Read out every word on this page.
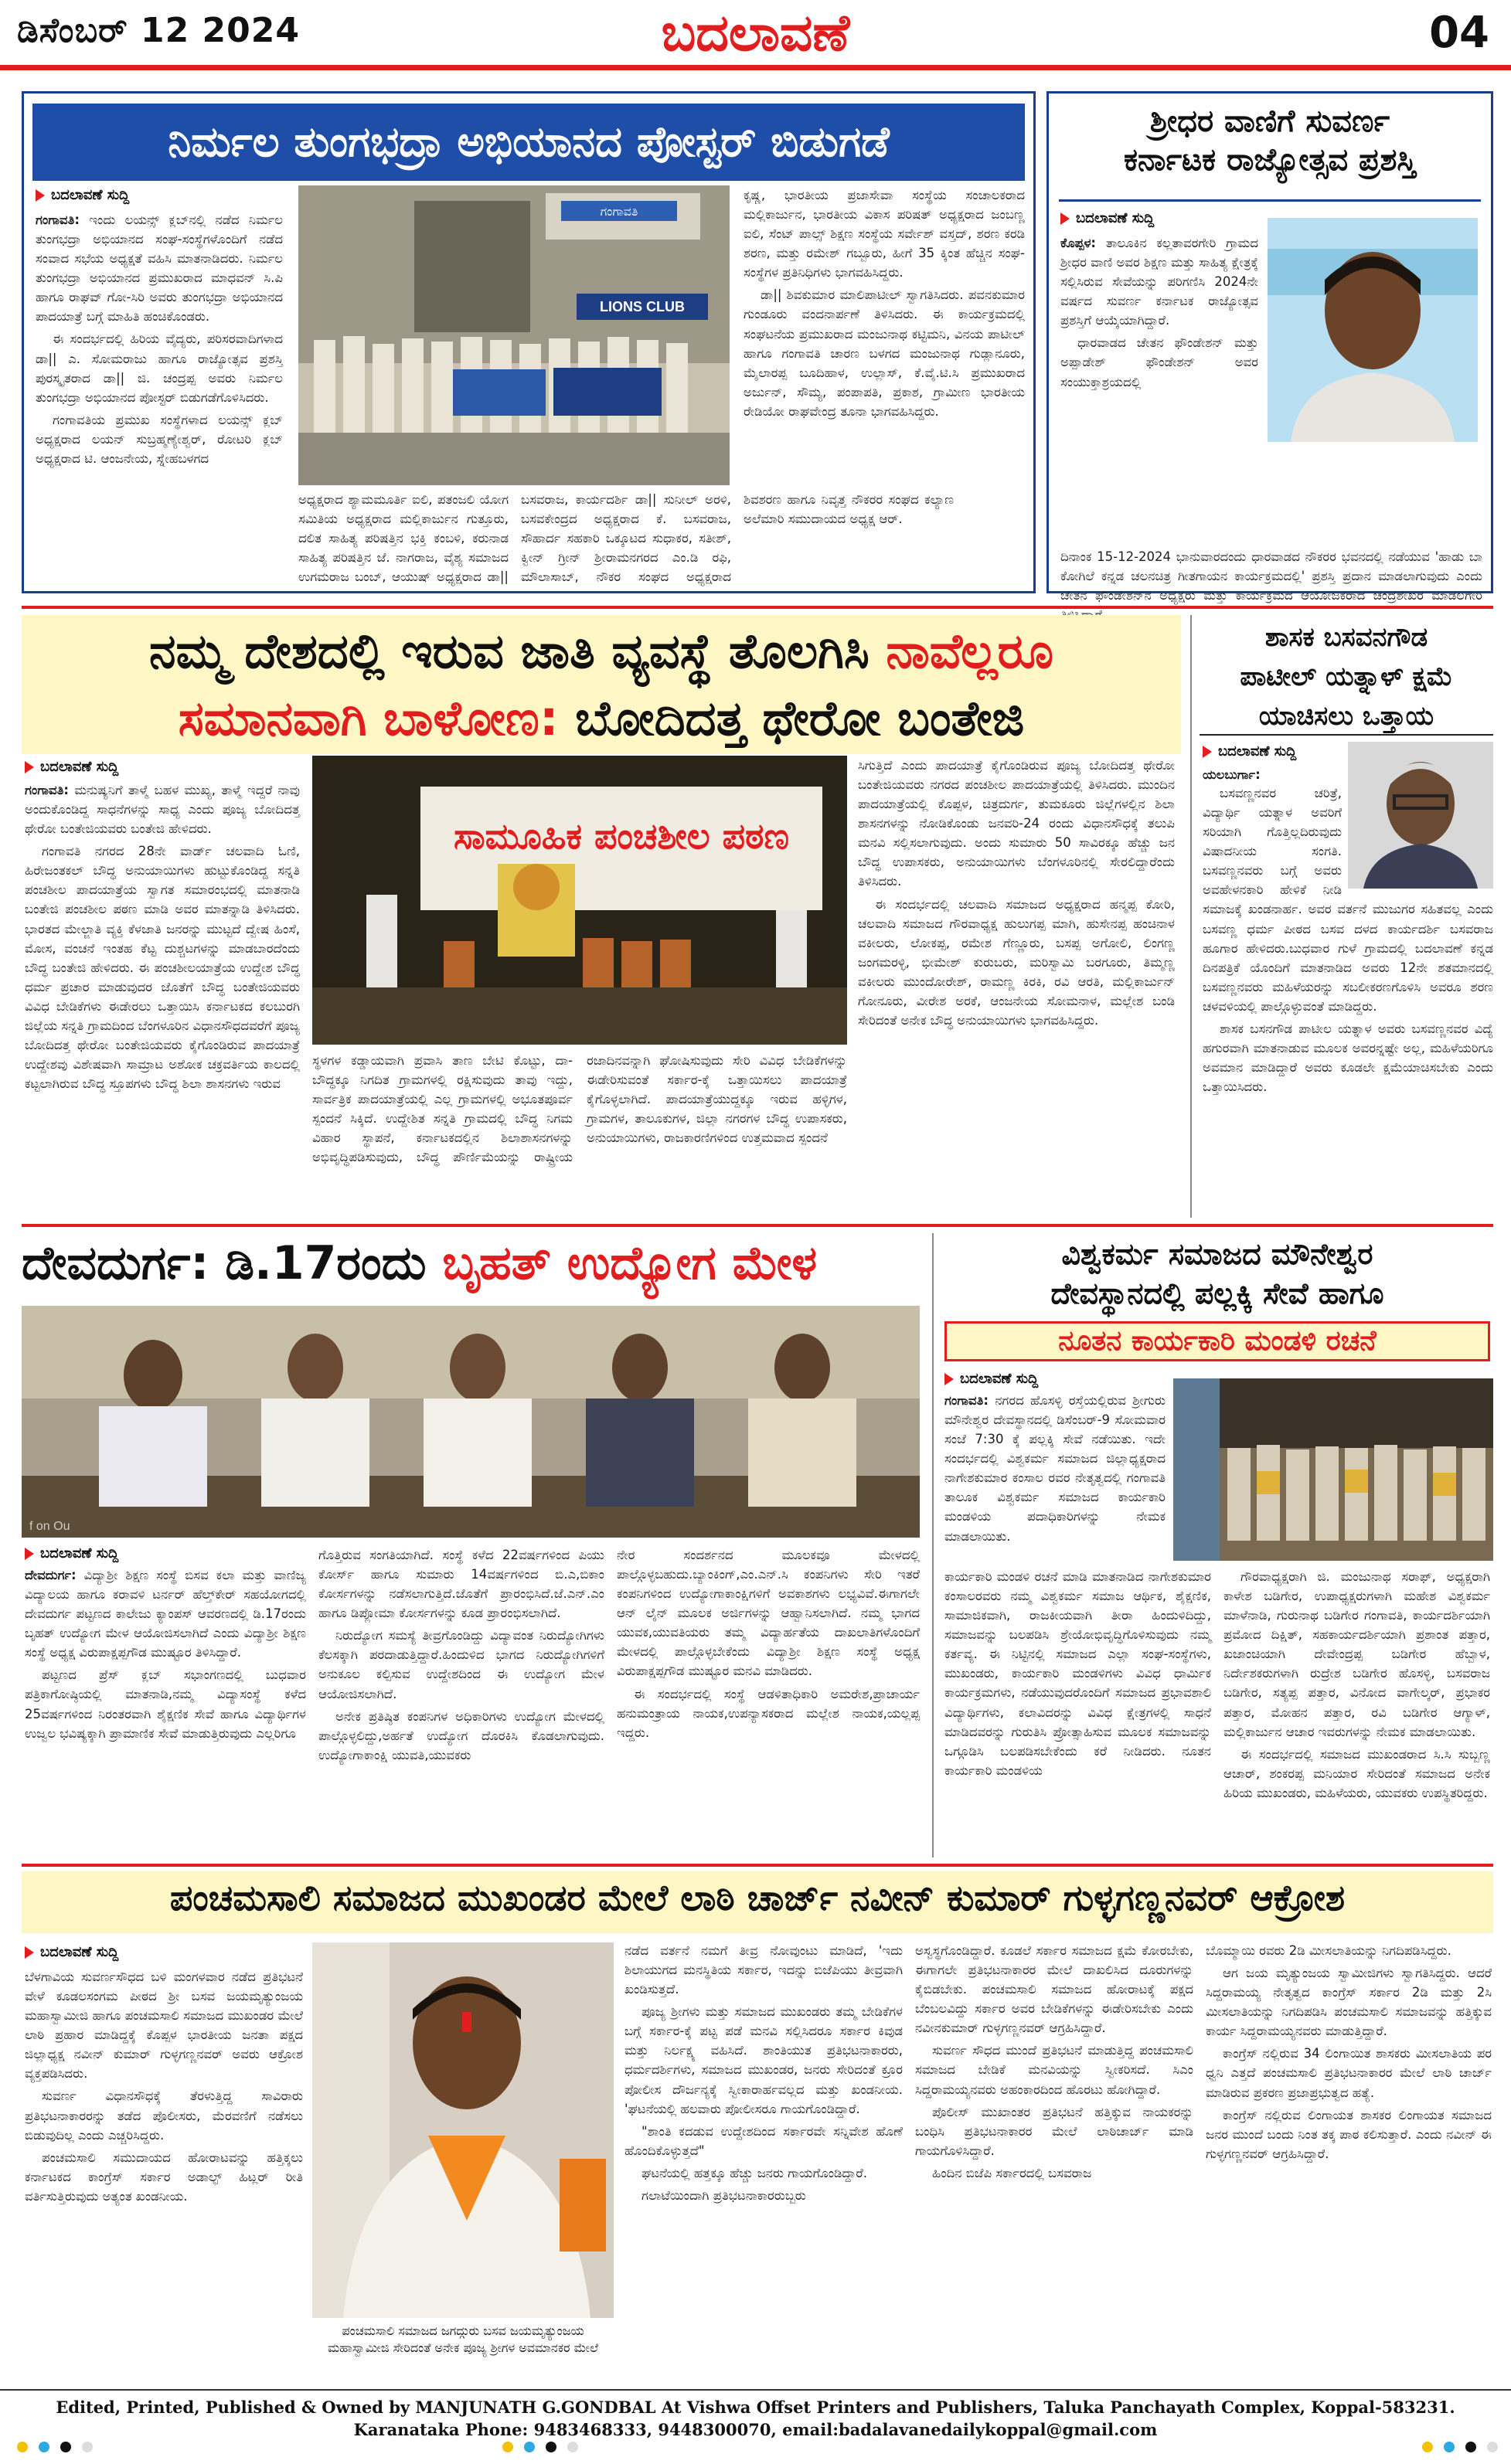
ಡಿಸೆಂಬರ್ 12 2024	ಬದಲಾವಣೆ	04
ನಿರ್ಮಲ ತುಂಗಭದ್ರಾ ಅಭಿಯಾನದ ಪೋಸ್ಟರ್ ಬಿಡುಗಡೆ
ಬದಲಾವಣೆ ಸುದ್ದಿ

ಗಂಗಾವತಿ: ಇಂದು ಲಯನ್ಸ್ ಕ್ಲಬ್‌ನಲ್ಲಿ ನಡೆದ ನಿರ್ಮಲ ತುಂಗಭದ್ರಾ ಅಭಿಯಾನದ ಸಂಘ-ಸಂಸ್ಥೆಗಳೊಂದಿಗೆ ನಡೆದ ಸಂವಾದ ಸಭೆಯ ಅಧ್ಯಕ್ಷತೆ ವಹಿಸಿ ಮಾತನಾಡಿದರು. ನಿರ್ಮಲ ತುಂಗಭದ್ರಾ ಅಭಿಯಾನದ ಪ್ರಮುಖರಾದ ಮಾಧವನ್ ಸಿ.ಪಿ ಹಾಗೂ ರಾಘವ್ ಗೋ-ಸಿರಿ ಅವರು ತುಂಗಭದ್ರಾ ಅಭಿಯಾನದ ಪಾದಯಾತ್ರೆ ಬಗ್ಗೆ ಮಾಹಿತಿ ಹಂಚಿಕೊಂಡರು.

ಈ ಸಂದರ್ಭದಲ್ಲಿ ಹಿರಿಯ ವೈದ್ಯರು, ಪರಿಸರವಾದಿಗಳಾದ ಡಾ|| ಎ. ಸೋಮರಾಜು ಹಾಗೂ ರಾಜ್ಯೋತ್ಸವ ಪ್ರಶಸ್ತಿ ಪುರಸ್ಕೃತರಾದ ಡಾ|| ಜಿ. ಚಂದ್ರಪ್ಪ ಅವರು ನಿರ್ಮಲ ತುಂಗಭದ್ರಾ ಅಭಿಯಾನದ ಪೋಸ್ಟರ್ ಬಿಡುಗಡೆಗೊಳಿಸಿದರು.

ಗಂಗಾವತಿಯ ಪ್ರಮುಖ ಸಂಸ್ಥೆಗಳಾದ ಲಯನ್ಸ್ ಕ್ಲಬ್ ಅಧ್ಯಕ್ಷರಾದ ಲಯನ್ ಸುಬ್ರಹ್ಮಣ್ಯೇಶ್ವರ್, ರೋಟರಿ ಕ್ಲಬ್ ಅಧ್ಯಕ್ಷರಾದ ಟಿ. ಆಂಜನೇಯ, ಸ್ನೇಹಬಳಗದ

LIONS CLUB
ಗಂಗಾವತಿ

ಅಧ್ಯಕ್ಷರಾದ ಶ್ಯಾಮಮೂರ್ತಿ ಐಲಿ, ಪತಂಜಲಿ ಯೋಗ ಸಮಿತಿಯ ಅಧ್ಯಕ್ಷರಾದ ಮಲ್ಲಿಕಾರ್ಜುನ ಗುತ್ತೂರು, ದಲಿತ ಸಾಹಿತ್ಯ ಪರಿಷತ್ತಿನ ಭಕ್ತಿ ಕಂಬಳಿ, ಕರುನಾಡ ಸಾಹಿತ್ಯ ಪರಿಷತ್ತಿನ ಜೆ. ನಾಗರಾಜ, ವೈಶ್ಯ ಸಮಾಜದ ಉಗಮರಾಜ ಬಂಬ್, ಆಯುಷ್ ಅಧ್ಯಕ್ಷರಾದ ಡಾ|| ಬಸವರಾಜ, ಕಾರ್ಯದರ್ಶಿ ಡಾ|| ಸುನೀಲ್ ಅರಳಿ, ಬಸವಕೇಂದ್ರದ ಅಧ್ಯಕ್ಷರಾದ ಕೆ. ಬಸವರಾಜ, ಸೌಹಾರ್ದ ಸಹಕಾರಿ ಒಕ್ಕೂಟದ ಸುಧಾಕರ, ಸತೀಶ್, ಕ್ವೀನ್ ಗ್ರೀನ್ ಶ್ರೀರಾಮನಗರದ ಎಂ.ಡಿ ರಫಿ, ಮೌಲಾಸಾಬ್, ನೌಕರ ಸಂಘದ ಅಧ್ಯಕ್ಷರಾದ ಶಿವಶರಣ ಹಾಗೂ ನಿವೃತ್ತ ನೌಕರರ ಸಂಘದ ಕಲ್ಯಾಣ ಅಲೆಮಾರಿ ಸಮುದಾಯದ ಅಧ್ಯಕ್ಷ ಆರ್.

ಕೃಷ್ಣ, ಭಾರತೀಯ ಪ್ರಜಾಸೇವಾ ಸಂಸ್ಥೆಯ ಸಂಚಾಲಕರಾದ ಮಲ್ಲಿಕಾರ್ಜುನ, ಭಾರತೀಯ ವಿಕಾಸ ಪರಿಷತ್ ಅಧ್ಯಕ್ಷರಾದ ಜಂಬಣ್ಣ ಐಲಿ, ಸೆಂಟ್ ಪಾಲ್ಸ್ ಶಿಕ್ಷಣ ಸಂಸ್ಥೆಯ ಸರ್ವೇಶ್ ವಸ್ತದ್, ಶರಣ ಕರಡಿ ಶರಣ, ಮತ್ತು ರಮೇಶ್ ಗಬ್ಬೂರು, ಹೀಗೆ 35 ಕ್ಕಿಂತ ಹೆಚ್ಚಿನ ಸಂಘ-ಸಂಸ್ಥೆಗಳ ಪ್ರತಿನಿಧಿಗಳು ಭಾಗವಹಿಸಿದ್ದರು.

ಡಾ|| ಶಿವಕುಮಾರ ಮಾಲಿಪಾಟೀಲ್ ಸ್ವಾಗತಿಸಿದರು. ಪವನಕುಮಾರ ಗುಂಡೂರು ವಂದನಾರ್ಪಣೆ ತಿಳಿಸಿದರು. ಈ ಕಾರ್ಯಕ್ರಮದಲ್ಲಿ ಸಂಘಟನೆಯ ಪ್ರಮುಖರಾದ ಮಂಜುನಾಥ ಕಟ್ಟಿಮನಿ, ವಿನಯ ಪಾಟೀಲ್ ಹಾಗೂ ಗಂಗಾವತಿ ಚಾರಣ ಬಳಗದ ಮಂಜುನಾಥ ಗುಡ್ಲಾನೂರು, ಮೈಲಾರಪ್ಪ ಬೂದಿಹಾಳ, ಉಲ್ಲಾಸ್, ಕೆ.ವೈ.ಟಿ.ಸಿ ಪ್ರಮುಖರಾದ ಅರ್ಜುನ್, ಸೌಮ್ಯ, ಪಂಪಾಪತಿ, ಪ್ರಕಾಶ, ಗ್ರಾಮೀಣ ಭಾರತೀಯ ರೇಡಿಯೋ ರಾಘವೇಂದ್ರ ತೂನಾ ಭಾಗವಹಿಸಿದ್ದರು.

ಶ್ರೀಧರ ವಾಣಿಗೆ ಸುವರ್ಣ
ಕರ್ನಾಟಕ ರಾಜ್ಯೋತ್ಸವ ಪ್ರಶಸ್ತಿ
ಬದಲಾವಣೆ ಸುದ್ದಿ

ಕೊಪ್ಪಳ: ತಾಲೂಕಿನ ಕಲ್ಲತಾವರಗೇರಿ ಗ್ರಾಮದ ಶ್ರೀಧರ ವಾಣಿ ಅವರ ಶಿಕ್ಷಣ ಮತ್ತು ಸಾಹಿತ್ಯ ಕ್ಷೇತ್ರಕ್ಕೆ ಸಲ್ಲಿಸಿರುವ ಸೇವೆಯನ್ನು ಪರಿಗಣಿಸಿ 2024ನೇ ವರ್ಷದ ಸುವರ್ಣ ಕರ್ನಾಟಕ ರಾಜ್ಯೋತ್ಸವ ಪ್ರಶಸ್ತಿಗೆ ಆಯ್ಕೆಯಾಗಿದ್ದಾರೆ.

ಧಾರವಾಡದ ಚೇತನ ಫೌಂಡೇಶನ್ ಮತ್ತು ಅಪ್ಪಾಡೇಶ್ ಫೌಂಡೇಶನ್ ಅವರ ಸಂಯುಕ್ತಾಶ್ರಯದಲ್ಲಿ

ದಿನಾಂಕ 15-12-2024 ಭಾನುವಾರದಂದು ಧಾರವಾಡದ ನೌಕರರ ಭವನದಲ್ಲಿ ನಡೆಯುವ 'ಹಾಡು ಬಾ ಕೋಗಿಲೆ ಕನ್ನಡ ಚಲನಚಿತ್ರ ಗೀತಗಾಯನ ಕಾರ್ಯಕ್ರಮದಲ್ಲಿ' ಪ್ರಶಸ್ತಿ ಪ್ರದಾನ ಮಾಡಲಾಗುವುದು ಎಂದು ಚೇತನ ಫೌಂಡೇಶನ್‌ನ ಅಧ್ಯಕ್ಷರು ಮತ್ತು ಕಾರ್ಯಕ್ರಮದ ಆಯೋಜಕರಾದ ಚಂದ್ರಶೇಖರ ಮಾಡಲಗೇರಿ

ನಮ್ಮ ದೇಶದಲ್ಲಿ ಇರುವ ಜಾತಿ ವ್ಯವಸ್ಥೆ ತೊಲಗಿಸಿ ನಾವೆಲ್ಲರೂ
ಸಮಾನವಾಗಿ ಬಾಳೋಣ: ಬೋದಿದತ್ತ ಥೇರೋ ಬಂತೇಜಿ
ಬದಲಾವಣೆ ಸುದ್ದಿ

ಗಂಗಾವತಿ: ಮನುಷ್ಯನಿಗೆ ತಾಳ್ಮೆ ಬಹಳ ಮುಖ್ಯ, ತಾಳ್ಮೆ ಇದ್ದರೆ ನಾವು ಅಂದುಕೊಂಡಿದ್ದ ಸಾಧನೆಗಳನ್ನು ಸಾಧ್ಯ ಎಂದು ಪೂಜ್ಯ ಬೋದಿದತ್ತ ಥೇರೋ ಬಂತೇಜಿಯವರು ಬಂತೇಜಿ ಹೇಳಿದರು.

ಗಂಗಾವತಿ ನಗರದ 28ನೇ ವಾರ್ಡ್ ಚಲವಾದಿ ಓಣಿ, ಹಿರೇಜಂತಕಲ್ ಬೌದ್ಧ ಅನುಯಾಯಿಗಳು ಹುಟ್ಟುಕೊಂಡಿದ್ದ ಸನ್ನತಿ ಪಂಚಶೀಲ ಪಾದಯಾತ್ರೆಯ ಸ್ವಾಗತ ಸಮಾರಂಭದಲ್ಲಿ ಮಾತನಾಡಿ ಬಂತೇಜಿ ಪಂಚಶೀಲ ಪಠಣ ಮಾಡಿ ಅವರ ಮಾತನ್ನಾಡಿ ತಿಳಿಸಿದರು. ಭಾರತದ ಮೇಲ್ಜಾತಿ ವ್ಯಕ್ತಿ ಕೆಳಜಾತಿ ಜನರನ್ನು ಮುಟ್ಟದೆ ದ್ವೇಷ ಹಿಂಸೆ, ಮೋಸ, ವಂಚನೆ ಇಂತಹ ಕೆಟ್ಟ ದುಶ್ಚಟಗಳನ್ನು ಮಾಡಬಾರದೆಂದು ಬೌದ್ಧ ಬಂತೇಜಿ ಹೇಳಿದರು. ಈ ಪಂಚಶೀಲಯಾತ್ರೆಯ ಉದ್ದೇಶ ಬೌದ್ಧ ಧರ್ಮ ಪ್ರಚಾರ ಮಾಡುವುದರ ಜೊತೆಗೆ ಬೌದ್ಧ ಬಂತೇಜಿಯವರು ವಿವಿಧ ಬೇಡಿಕೆಗಳು ಈಡೇರಲು ಒತ್ತಾಯಿಸಿ ಕರ್ನಾಟಕದ ಕಲಬುರಗಿ ಜಿಲ್ಲೆಯ ಸನ್ನತಿ ಗ್ರಾಮದಿಂದ ಬೆಂಗಳೂರಿನ ವಿಧಾನಸೌಧದವರೆಗೆ ಪೂಜ್ಯ ಬೋದಿದತ್ತ ಥೇರೋ ಬಂತೇಜಿಯವರು ಕೈಗೊಂಡಿರುವ ಪಾದಯಾತ್ರೆ ಉದ್ದೇಶವು ವಿಶೇಷವಾಗಿ ಸಾಮ್ರಾಟ ಅಶೋಕ ಚಕ್ರವರ್ತಿಯ ಕಾಲದಲ್ಲಿ ಕಟ್ಟಲಾಗಿರುವ ಬೌದ್ಧ ಸ್ತೂಪಗಳು ಬೌದ್ಧ ಶಿಲಾ ಶಾಸನಗಳು ಇರುವ

ಸಾಮೂಹಿಕ ಪಂಚಶೀಲ ಪಠಣ

ಸ್ಥಳಗಳ ಕಡ್ಡಾಯವಾಗಿ ಪ್ರವಾಸಿ ತಾಣ ಬೇಟಿ ಕೊಟ್ಟು, ದಾ-ಬೌದ್ಧಕ್ಕೂ ನಿಗದಿತ ಗ್ರಾಮಗಳಲ್ಲಿ ರಕ್ಷಿಸುವುದು ತಾವು ಇದ್ದು, ಸಾರ್ವತ್ರಿಕ ಪಾದಯಾತ್ರೆಯಲ್ಲಿ ಎಲ್ಲ ಗ್ರಾಮಗಳಲ್ಲಿ ಅಭೂತಪೂರ್ವ ಸ್ಪಂದನೆ ಸಿಕ್ಕಿದೆ. ಉದ್ದೇಶಿತ ಸನ್ನತಿ ಗ್ರಾಮದಲ್ಲಿ ಬೌದ್ಧ ನಿಗಮ ವಿಹಾರ ಸ್ಥಾಪನೆ, ಕರ್ನಾಟಕದಲ್ಲಿನ ಶಿಲಾಶಾಸನಗಳನ್ನು ಅಭಿವೃದ್ಧಿಪಡಿಸುವುದು, ಬೌದ್ಧ ಪೌರ್ಣಿಮೆಯನ್ನು ರಾಷ್ಟ್ರೀಯ ರಜಾದಿನವನ್ನಾಗಿ ಘೋಷಿಸುವುದು ಸೇರಿ ವಿವಿಧ ಬೇಡಿಕೆಗಳನ್ನು ಈಡೇರಿಸುವಂತೆ ಸರ್ಕಾರ-ಕ್ಕೆ ಒತ್ತಾಯಿಸಲು ಪಾದಯಾತ್ರೆ ಕೈಗೊಳ್ಳಲಾಗಿದೆ. ಪಾದಯಾತ್ರೆಯುದ್ದಕ್ಕೂ ಇರುವ ಹಳ್ಳಿಗಳ, ಗ್ರಾಮಗಳ, ತಾಲೂಕುಗಳ, ಜಿಲ್ಲಾ ನಗರಗಳ ಬೌದ್ಧ ಉಪಾಸಕರು, ಅನುಯಾಯಿಗಳು, ರಾಜಕಾರಣಿಗಳಿಂದ ಉತ್ತಮವಾದ ಸ್ಪಂದನೆ

ಸಿಗುತ್ತಿದೆ ಎಂದು ಪಾದಯಾತ್ರೆ ಕೈಗೊಂಡಿರುವ ಪೂಜ್ಯ ಬೋದಿದತ್ತ ಥೇರೋ ಬಂತೇಜಿಯವರು ನಗರದ ಪಂಚಶೀಲ ಪಾದಯಾತ್ರೆಯಲ್ಲಿ ತಿಳಿಸಿದರು. ಮುಂದಿನ ಪಾದಯಾತ್ರೆಯಲ್ಲಿ ಕೊಪ್ಪಳ, ಚಿತ್ರದುರ್ಗ, ತುಮಕೂರು ಜಿಲ್ಲೆಗಳಲ್ಲಿನ ಶಿಲಾ ಶಾಸನಗಳನ್ನು ನೋಡಿಕೊಂಡು ಜನವರಿ-24 ರಂದು ವಿಧಾನಸೌಧಕ್ಕೆ ತಲುಪಿ ಮನವಿ ಸಲ್ಲಿಸಲಾಗುವುದು. ಅಂದು ಸುಮಾರು 50 ಸಾವಿರಕ್ಕೂ ಹೆಚ್ಚು ಜನ ಬೌದ್ಧ ಉಪಾಸಕರು, ಅನುಯಾಯಿಗಳು ಬೆಂಗಳೂರಿನಲ್ಲಿ ಸೇರಲಿದ್ದಾರೆಂದು ತಿಳಿಸಿದರು.

ಈ ಸಂದರ್ಭದಲ್ಲಿ ಚಲವಾದಿ ಸಮಾಜದ ಅಧ್ಯಕ್ಷರಾದ ಹನ್ಮಪ್ಪ ಕೋರಿ, ಚಲವಾದಿ ಸಮಾಜದ ಗೌರವಾಧ್ಯಕ್ಷ ಹುಲುಗಪ್ಪ ಮಾಗಿ, ಹುಸೇನಪ್ಪ ಹಂಚಿನಾಳ ವಕೀಲರು, ಲೋಕಪ್ಪ, ರಮೇಶ ಗೆಣ್ಣೂರು, ಬಸಪ್ಪ ಅಗೋಲಿ, ಲಿಂಗಣ್ಣ ಜಂಗಮರಳ್ಳಿ, ಭೀಮೇಶ್ ಕುರುಬರು, ಮರಿಸ್ವಾಮಿ ಬರಗೂರು, ತಿಮ್ಮಣ್ಣ ವಕೀಲರು ಮುಂದೋರೇಶ್, ರಾಮಣ್ಣ ಕಿರಕಿ, ರವಿ ಆರತಿ, ಮಲ್ಲಿಕಾರ್ಜುನ್ ಗೋನೂರು, ವೀರೇಶ ಅರಕೆ, ಆಂಜನೇಯ ಸೋಮನಾಳ, ಮಲ್ಲೇಶ ಬಂಡಿ ಸೇರಿದಂತೆ ಅನೇಕ ಬೌದ್ಧ ಅನುಯಾಯಿಗಳು ಭಾಗವಹಿಸಿದ್ದರು.

ಶಾಸಕ ಬಸವನಗೌಡ
ಪಾಟೀಲ್ ಯತ್ನಾಳ್ ಕ್ಷಮೆ
ಯಾಚಿಸಲು ಒತ್ತಾಯ
ಬದಲಾವಣೆ ಸುದ್ದಿ

ಯಲಬುರ್ಗಾ:

ಬಸವಣ್ಣನವರ ಚರಿತ್ರೆ, ವಿದ್ಯಾರ್ಥಿ ಯತ್ನಾಳ ಅವರಿಗೆ ಸರಿಯಾಗಿ ಗೊತ್ತಿಲ್ಲದಿರುವುದು ವಿಷಾದನೀಯ ಸಂಗತಿ. ಬಸವಣ್ಣನವರು ಬಗ್ಗೆ ಅವರು ಅವಹೇಳನಕಾರಿ ಹೇಳಿಕೆ ನೀಡಿ ಸಮಾಜಕ್ಕೆ ಖಂಡನಾರ್ಹ. ಅವರ ವರ್ತನೆ ಮುಜುಗರ ಸಹಿತವಲ್ಲ ಎಂದು ಬಸವಣ್ಣ ಧರ್ಮ ಪೀಠದ ಬಸವ ದಳದ ಕಾರ್ಯದರ್ಶಿ ಬಸವರಾಜ ಹೂಗಾರ ಹೇಳಿದರು.ಬುಧವಾರ ಗುಳೆ ಗ್ರಾಮದಲ್ಲಿ ಬದಲಾವಣೆ ಕನ್ನಡ ದಿನಪತ್ರಿಕೆ ಯೊಂದಿಗೆ ಮಾತನಾಡಿದ ಅವರು 12ನೇ ಶತಮಾನದಲ್ಲಿ ಬಸವಣ್ಣನವರು ಮಹಿಳೆಯರನ್ನು ಸಬಲೀಕರಣಗೊಳಿಸಿ ಅವರೂ ಶರಣ ಚಳವಳಿಯಲ್ಲಿ ಪಾಲ್ಗೊಳ್ಳುವಂತೆ ಮಾಡಿದ್ದರು.

ಶಾಸಕ ಬಸನಗೌಡ ಪಾಟೀಲ ಯತ್ನಾಳ ಅವರು ಬಸವಣ್ಣನವರ ವಿದ್ಯೆ ಹಗುರವಾಗಿ ಮಾತನಾಡುವ ಮೂಲಕ ಅವರನ್ನಷ್ಟೇ ಅಲ್ಲ, ಮಹಿಳೆಯರಿಗೂ ಅವಮಾನ ಮಾಡಿದ್ದಾರೆ ಅವರು ಕೂಡಲೇ ಕ್ಷಮೆಯಾಚಿಸಬೇಕು ಎಂದು ಒತ್ತಾಯಿಸಿದರು.

ದೇವದುರ್ಗ: ಡಿ.17ರಂದು ಬೃಹತ್ ಉದ್ಯೋಗ ಮೇಳ
f on Ou
ಬದಲಾವಣೆ ಸುದ್ದಿ

ದೇವದುರ್ಗ: ವಿದ್ಯಾಶ್ರೀ ಶಿಕ್ಷಣ ಸಂಸ್ಥೆ ಬಿಸವ ಕಲಾ ಮತ್ತು ವಾಣಿಜ್ಯ ವಿದ್ಯಾಲಯ ಹಾಗೂ ಕರಾವಳಿ ಟರ್ನರ್ ಹೆಲ್ತ್‌ಕೇರ್ ಸಹಯೋಗದಲ್ಲಿ ದೇವದುರ್ಗ ಪಟ್ಟಣದ ಕಾಲೇಜು ಕ್ಯಾಂಪಸ್ ಆವರಣದಲ್ಲಿ ಡಿ.17ರಂದು ಬೃಹತ್ ಉದ್ಯೋಗ ಮೇಳ ಆಯೋಜಿಸಲಾಗಿದೆ ಎಂದು ವಿದ್ಯಾಶ್ರೀ ಶಿಕ್ಷಣ ಸಂಸ್ಥೆ ಅಧ್ಯಕ್ಷ ವಿರುಪಾಕ್ಷಪ್ಪಗೌಡ ಮುಷ್ಟೂರ ತಿಳಿಸಿದ್ದಾರೆ.

ಪಟ್ಟಣದ ಪ್ರೆಸ್ ಕ್ಲಬ್ ಸಭಾಂಗಣದಲ್ಲಿ ಬುಧವಾರ ಪತ್ರಿಕಾಗೋಷ್ಠಿಯಲ್ಲಿ ಮಾತನಾಡಿ,ನಮ್ಮ ವಿದ್ಯಾಸಂಸ್ಥೆ ಕಳೆದ 25ವರ್ಷಗಳಿಂದ ನಿರಂತರವಾಗಿ ಶೈಕ್ಷಣಿಕ ಸೇವೆ ಹಾಗೂ ವಿದ್ಯಾರ್ಥಿಗಳ ಉಜ್ವಲ ಭವಿಷ್ಯಕ್ಕಾಗಿ ಪ್ರಾಮಾಣಿಕ ಸೇವೆ ಮಾಡುತ್ತಿರುವುದು ಎಲ್ಲರಿಗೂ

ಗೊತ್ತಿರುವ ಸಂಗತಿಯಾಗಿದೆ. ಸಂಸ್ಥೆ ಕಳೆದ 22ವರ್ಷಗಳಿಂದ ಪಿಯು ಕೋರ್ಸ್ ಹಾಗೂ ಸುಮಾರು 14ವರ್ಷಗಳಿಂದ ಬಿ.ಎ,ಬಿಕಾಂ ಕೋರ್ಸಗಳನ್ನು ನಡೆಸಲಾಗುತ್ತಿದೆ.ಜೊತೆಗೆ ಪ್ರಾರಂಭಿಸಿದೆ.ಜೆ.ಎನ್.ಎಂ ಹಾಗೂ ಡಿಪ್ಲೋಮಾ ಕೋರ್ಸಗಳನ್ನು ಕೂಡ ಪ್ರಾರಂಭಿಸಲಾಗಿದೆ.

ನಿರುದ್ಯೋಗ ಸಮಸ್ಯೆ ತೀವ್ರಗೊಂಡಿದ್ದು ವಿದ್ಯಾವಂತ ನಿರುದ್ಯೋಗಿಗಳು ಕೆಲಸಕ್ಕಾಗಿ ಪರದಾಡುತ್ತಿದ್ದಾರೆ.ಹಿಂದುಳಿದ ಭಾಗದ ನಿರುದ್ಯೋಗಿಗಳಿಗೆ ಅನುಕೂಲ ಕಲ್ಪಿಸುವ ಉದ್ದೇಶದಿಂದ ಈ ಉದ್ಯೋಗ ಮೇಳ ಆಯೋಜಿಸಲಾಗಿದೆ.

ಅನೇಕ ಪ್ರತಿಷ್ಠಿತ ಕಂಪನಿಗಳ ಅಧಿಕಾರಿಗಳು ಉದ್ಯೋಗ ಮೇಳದಲ್ಲಿ ಪಾಲ್ಗೊಳ್ಳಲಿದ್ದು,ಅರ್ಹತೆ ಉದ್ಯೋಗ ದೊರಕಿಸಿ ಕೊಡಲಾಗುವುದು. ಉದ್ಯೋಗಾಕಾಂಕ್ಷಿ ಯುವತಿ,ಯುವಕರು

ನೇರ ಸಂದರ್ಶನದ ಮೂಲಕವೂ ಮೇಳದಲ್ಲಿ ಪಾಲ್ಗೊಳ್ಳಬಹುದು.ಬ್ಯಾಂಕಿಂಗ್,ಎಂ.ಎನ್.ಸಿ ಕಂಪನಿಗಳು ಸೇರಿ ಇತರೆ ಕಂಪನಿಗಳಿಂದ ಉದ್ಯೋಗಾಕಾಂಕ್ಷಿಗಳಿಗೆ ಅವಕಾಶಗಳು ಲಭ್ಯವಿವೆ.ಈಗಾಗಲೇ ಆನ್ ಲೈನ್ ಮೂಲಕ ಅರ್ಜಿಗಳನ್ನು ಆಹ್ವಾನಿಸಲಾಗಿದೆ. ನಮ್ಮ ಭಾಗದ ಯುವಕ,ಯುವತಿಯರು ತಮ್ಮ ವಿದ್ಯಾರ್ಹತೆಯ ದಾಖಲಾತಿಗಳೊಂದಿಗೆ ಮೇಳದಲ್ಲಿ ಪಾಲ್ಗೊಳ್ಳಬೇಕೆಂದು ವಿದ್ಯಾಶ್ರೀ ಶಿಕ್ಷಣ ಸಂಸ್ಥೆ ಅಧ್ಯಕ್ಷ ವಿರುಪಾಕ್ಷಪ್ಪಗೌಡ ಮುಷ್ಟೂರ ಮನವಿ ಮಾಡಿದರು.

ಈ ಸಂದರ್ಭದಲ್ಲಿ ಸಂಸ್ಥೆ ಆಡಳಿತಾಧಿಕಾರಿ ಅಮರೇಶ,ಪ್ರಾಚಾರ್ಯ ಹನುಮಂತ್ರಾಯ ನಾಯಕ,ಉಪನ್ಯಾಸಕರಾದ ಮಲ್ಲೇಶ ನಾಯಕ,ಯಲ್ಲಪ್ಪ ಇದ್ದರು.

ವಿಶ್ವಕರ್ಮ ಸಮಾಜದ ಮೌನೇಶ್ವರ
ದೇವಸ್ಥಾನದಲ್ಲಿ ಪಲ್ಲಕ್ಕಿ ಸೇವೆ ಹಾಗೂ
ನೂತನ ಕಾರ್ಯಕಾರಿ ಮಂಡಳಿ ರಚನೆ
ಬದಲಾವಣೆ ಸುದ್ದಿ

ಗಂಗಾವತಿ: ನಗರದ ಹೊಸಳ್ಳಿ ರಸ್ತೆಯಲ್ಲಿರುವ ಶ್ರೀಗುರು ಮೌನೇಶ್ವರ ದೇವಸ್ಥಾನದಲ್ಲಿ ಡಿಸೆಂಬರ್-9 ಸೋಮವಾರ ಸಂಜೆ 7:30 ಕ್ಕೆ ಪಲ್ಲಕ್ಕಿ ಸೇವೆ ನಡೆಯಿತು. ಇದೇ ಸಂದರ್ಭದಲ್ಲಿ ವಿಶ್ವಕರ್ಮ ಸಮಾಜದ ಜಿಲ್ಲಾಧ್ಯಕ್ಷರಾದ ನಾಗೇಶಕುಮಾರ ಕಂಸಾಲ ರವರ ನೇತೃತ್ವದಲ್ಲಿ ಗಂಗಾವತಿ ತಾಲೂಕ ವಿಶ್ವಕರ್ಮ ಸಮಾಜದ ಕಾರ್ಯಕಾರಿ ಮಂಡಳಿಯ ಪದಾಧಿಕಾರಿಗಳನ್ನು ನೇಮಕ ಮಾಡಲಾಯಿತು.

ಕಾರ್ಯಕಾರಿ ಮಂಡಳಿ ರಚನೆ ಮಾಡಿ ಮಾತನಾಡಿದ ನಾಗೇಶಕುಮಾರ ಕಂಸಾಲರವರು ನಮ್ಮ ವಿಶ್ವಕರ್ಮ ಸಮಾಜ ಆರ್ಥಿಕ, ಶೈಕ್ಷಣಿಕ, ಸಾಮಾಜಿಕವಾಗಿ, ರಾಜಕೀಯವಾಗಿ ತೀರಾ ಹಿಂದುಳಿದಿದ್ದು, ಸಮಾಜವನ್ನು ಬಲಪಡಿಸಿ ಶ್ರೇಯೋಭಿವೃದ್ಧಿಗೊಳಿಸುವುದು ನಮ್ಮ ಕರ್ತವ್ಯ. ಈ ನಿಟ್ಟಿನಲ್ಲಿ ಸಮಾಜದ ಎಲ್ಲಾ ಸಂಘ-ಸಂಸ್ಥೆಗಳು, ಮುಖಂಡರು, ಕಾರ್ಯಕಾರಿ ಮಂಡಳಿಗಳು ವಿವಿಧ ಧಾರ್ಮಿಕ ಕಾರ್ಯಕ್ರಮಗಳು, ನಡೆಯುವುದರೊಂದಿಗೆ ಸಮಾಜದ ಪ್ರಭಾವಶಾಲಿ ವಿದ್ಯಾರ್ಥಿಗಳು, ಕಲಾವಿದರನ್ನು ವಿವಿಧ ಕ್ಷೇತ್ರಗಳಲ್ಲಿ ಸಾಧನೆ ಮಾಡಿದವರನ್ನು ಗುರುತಿಸಿ ಪ್ರೋತ್ಸಾಹಿಸುವ ಮೂಲಕ ಸಮಾಜವನ್ನು ಒಗ್ಗೂಡಿಸಿ ಬಲಪಡಿಸಬೇಕೆಂದು ಕರೆ ನೀಡಿದರು. ನೂತನ ಕಾರ್ಯಕಾರಿ ಮಂಡಳಿಯ

ಗೌರವಾಧ್ಯಕ್ಷರಾಗಿ ಜಿ. ಮಂಜುನಾಥ ಸರಾಫ್, ಅಧ್ಯಕ್ಷರಾಗಿ ಕಾಳೇಶ ಬಡಿಗೇರ, ಉಪಾಧ್ಯಕ್ಷರುಗಳಾಗಿ ಮಹೇಶ ವಿಶ್ವಕರ್ಮ ಮಾಳೆನಾಡಿ, ಗುರುನಾಥ ಬಡಿಗೇರ ಗಂಗಾವತಿ, ಕಾರ್ಯದರ್ಶಿಯಾಗಿ ಪ್ರಮೋದ ದಿಕ್ಷಿತ್, ಸಹಕಾರ್ಯದರ್ಶಿಯಾಗಿ ಪ್ರಶಾಂತ ಪತ್ತಾರ, ಖಜಾಂಚಿಯಾಗಿ ದೇವೇಂದ್ರಪ್ಪ ಬಡಿಗೇರ ಹೆಬ್ಬಾಳ, ನಿರ್ದೇಶಕರುಗಳಾಗಿ ರುದ್ರೇಶ ಬಡಿಗೇರ ಹೊಸಳ್ಳಿ, ಬಸವರಾಜ ಬಡಿಗೇರ, ಸತ್ಯಪ್ಪ ಪತ್ತಾರ, ವಿನೋದ ವಾಗೇಲ್ಕರ್, ಪ್ರಭಾಕರ ಪತ್ತಾರ, ಮೋಹನ ಪತ್ತಾರ, ರವಿ ಬಡಿಗೇರ ಆಗ್ಯಾಳ್, ಮಲ್ಲಿಕಾರ್ಜುನ ಆಚಾರ ಇವರುಗಳನ್ನು ನೇಮಕ ಮಾಡಲಾಯಿತು.

ಈ ಸಂದರ್ಭದಲ್ಲಿ ಸಮಾಜದ ಮುಖಂಡರಾದ ಸಿ.ಸಿ ಸುಬ್ಬಣ್ಣ ಆಚಾರ್, ಶಂಕರಪ್ಪ ಮನಿಯಾರ ಸೇರಿದಂತೆ ಸಮಾಜದ ಅನೇಕ ಹಿರಿಯ ಮುಖಂಡರು, ಮಹಿಳೆಯರು, ಯುವಕರು ಉಪಸ್ಥಿತರಿದ್ದರು.

ಪಂಚಮಸಾಲಿ ಸಮಾಜದ ಮುಖಂಡರ ಮೇಲೆ ಲಾಠಿ ಚಾರ್ಜ್ ನವೀನ್ ಕುಮಾರ್ ಗುಳ್ಳಗಣ್ಣನವರ್ ಆಕ್ರೋಶ
ಬದಲಾವಣೆ ಸುದ್ದಿ

ಬೆಳಗಾವಿಯ ಸುವರ್ಣಸೌಧದ ಬಳಿ ಮಂಗಳವಾರ ನಡೆದ ಪ್ರತಿಭಟನೆ ವೇಳೆ ಕೂಡಲಸಂಗಮ ಪೀಠದ ಶ್ರೀ ಬಸವ ಜಯಮೃತ್ಯುಂಜಯ ಮಹಾಸ್ವಾಮೀಜಿ ಹಾಗೂ ಪಂಚಮಸಾಲಿ ಸಮಾಜದ ಮುಖಂಡರ ಮೇಲೆ ಲಾಠಿ ಪ್ರಹಾರ ಮಾಡಿದ್ದಕ್ಕೆ ಕೊಪ್ಪಳ ಭಾರತೀಯ ಜನತಾ ಪಕ್ಷದ ಜಿಲ್ಲಾಧ್ಯಕ್ಷ ನವೀನ್ ಕುಮಾರ್ ಗುಳ್ಳಗಣ್ಣನವರ್ ಅವರು ಆಕ್ರೋಶ ವ್ಯಕ್ತಪಡಿಸಿದರು.

ಸುವರ್ಣ ವಿಧಾನಸೌಧಕ್ಕೆ ತೆರಳುತ್ತಿದ್ದ ಸಾವಿರಾರು ಪ್ರತಿಭಟನಾಕಾರರನ್ನು ತಡೆದ ಪೊಲೀಸರು, ಮೆರವಣಿಗೆ ನಡೆಸಲು ಬಿಡುವುದಿಲ್ಲ ಎಂದು ಎಚ್ಚರಿಸಿದ್ದರು.

ಪಂಚಮಸಾಲಿ ಸಮುದಾಯದ ಹೋರಾಟವನ್ನು ಹತ್ತಿಕ್ಕಲು ಕರ್ನಾಟಕದ ಕಾಂಗ್ರೆಸ್ ಸರ್ಕಾರ ಅಡಾಲ್ಫ್ ಹಿಟ್ಲರ್ ರೀತಿ ವರ್ತಿಸುತ್ತಿರುವುದು ಅತ್ಯಂತ ಖಂಡನೀಯ.

ಪಂಚಮಸಾಲಿ ಸಮಾಜದ ಜಗದ್ಗುರು ಬಸವ ಜಯಮೃತ್ಯುಂಜಯ ಮಹಾಸ್ವಾಮೀಜಿ ಸೇರಿದಂತೆ ಅನೇಕ ಪೂಜ್ಯ ಶ್ರೀಗಳ ಅವಮಾನಕರ ಮೇಲೆ

ನಡೆದ ವರ್ತನೆ ನಮಗೆ ತೀವ್ರ ನೋವುಂಟು ಮಾಡಿದೆ, 'ಇದು ಶಿಲಾಯುಗದ ಮನಸ್ಥಿತಿಯ ಸರ್ಕಾರ, ಇದನ್ನು ಬಿಜೆಪಿಯು ತೀವ್ರವಾಗಿ ಖಂಡಿಸುತ್ತದೆ.

ಪೂಜ್ಯ ಶ್ರೀಗಳು ಮತ್ತು ಸಮಾಜದ ಮುಖಂಡರು ತಮ್ಮ ಬೇಡಿಕೆಗಳ ಬಗ್ಗೆ ಸರ್ಕಾರ-ಕ್ಕೆ ಪಟ್ಟ ಪಡೆ ಮನವಿ ಸಲ್ಲಿಸಿದರೂ ಸರ್ಕಾರ ಕಿವುಡ ಮತ್ತು ನಿರ್ಲಕ್ಷ್ಯ ವಹಿಸಿದೆ. ಶಾಂತಿಯುತ ಪ್ರತಿಭಟನಾಕಾರರು, ಧರ್ಮದರ್ಶಿಗಳು, ಸಮಾಜದ ಮುಖಂಡರ, ಜನರು ಸೇರಿದಂತೆ ಕ್ರೂರ ಪೋಲೀಸ ದೌರ್ಜನ್ಯಕ್ಕೆ ಸ್ವೀಕಾರಾರ್ಹವಲ್ಲದ ಮತ್ತು ಖಂಡನೀಯ. 'ಘಟನೆಯಲ್ಲಿ ಹಲವಾರು ಪೋಲೀಸರೂ ಗಾಯಗೊಂಡಿದ್ದಾರೆ.

"ಶಾಂತಿ ಕದಡುವ ಉದ್ದೇಶದಿಂದ ಸರ್ಕಾರವೇ ಸನ್ನಿವೇಶ ಹೊಣೆ ಹೊಂದಿಕೊಳ್ಳುತ್ತದೆ"

ಘಟನೆಯಲ್ಲಿ ಹತ್ತಕ್ಕೂ ಹೆಚ್ಚು ಜನರು ಗಾಯಗೊಂಡಿದ್ದಾರೆ.

ಗಲಾಟೆಯಿಂದಾಗಿ ಪ್ರತಿಭಟನಾಕಾರರುಬ್ಬರು

ಅಸ್ವಸ್ಥಗೊಂಡಿದ್ದಾರೆ. ಕೂಡಲೆ ಸರ್ಕಾರ ಸಮಾಜದ ಕ್ಷಮೆ ಕೋರಬೇಕು, ಈಗಾಗಲೇ ಪ್ರತಿಭಟನಾಕಾರರ ಮೇಲೆ ದಾಖಲಿಸಿದ ದೂರುಗಳನ್ನು ಕೈಬಿಡಬೇಕು. ಪಂಚಮಸಾಲಿ ಸಮಾಜದ ಹೋರಾಟಕ್ಕೆ ಪಕ್ಷದ ಬೆಂಬಲವಿದ್ದು ಸರ್ಕಾರ ಅವರ ಬೇಡಿಕೆಗಳನ್ನು ಈಡೇರಿಸಬೇಕು ಎಂದು ನವೀನಕುಮಾರ್ ಗುಳ್ಳಗಣ್ಣನವರ್ ಆಗ್ರಹಿಸಿದ್ದಾರೆ.

ಸುವರ್ಣ ಸೌಧದ ಮುಂದೆ ಪ್ರತಿಭಟನೆ ಮಾಡುತ್ತಿದ್ದ ಪಂಚಮಸಾಲಿ ಸಮಾಜದ ಬೇಡಿಕೆ ಮನವಿಯನ್ನು ಸ್ವೀಕರಿಸದೆ. ಸಿಎಂ ಸಿದ್ದರಾಮಯ್ಯನವರು ಅಹಂಕಾರದಿಂದ ಹೊರಟು ಹೋಗಿದ್ದಾರೆ.

ಪೊಲೀಸ್ ಮುಖಾಂತರ ಪ್ರತಿಭಟನೆ ಹತ್ತಿಕ್ಕುವ ನಾಯಕರನ್ನು ಬಂಧಿಸಿ ಪ್ರತಿಭಟನಾಕಾರರ ಮೇಲೆ ಲಾಠಿಚಾರ್ಜ್ ಮಾಡಿ ಗಾಯಗೊಳಿಸಿದ್ದಾರೆ.

ಹಿಂದಿನ ಬಿಜೆಪಿ ಸರ್ಕಾರದಲ್ಲಿ ಬಸವರಾಜ

ಬೊಮ್ಮಾಯಿ ರವರು 2ಡಿ ಮೀಸಲಾತಿಯನ್ನು ನಿಗದಿಪಡಿಸಿದ್ದರು.

ಆಗ ಜಯ ಮೃತ್ಯುಂಜಯ ಸ್ವಾಮೀಜಿಗಳು ಸ್ವಾಗತಿಸಿದ್ದರು. ಆದರೆ ಸಿದ್ದರಾಮಯ್ಯ ನೇತೃತ್ವದ ಕಾಂಗ್ರೆಸ್ ಸರ್ಕಾರ 2ಡಿ ಮತ್ತು 2ಸಿ ಮೀಸಲಾತಿಯನ್ನು ನಿಗದಿಪಡಿಸಿ ಪಂಚಮಸಾಲಿ ಸಮಾಜವನ್ನು ಹತ್ತಿಕ್ಕುವ ಕಾರ್ಯ ಸಿದ್ದರಾಮಯ್ಯನವರು ಮಾಡುತ್ತಿದ್ದಾರೆ.

ಕಾಂಗ್ರೆಸ್ ನಲ್ಲಿರುವ 34 ಲಿಂಗಾಯಿತ ಶಾಸಕರು ಮೀಸಲಾತಿಯ ಪರ ಧ್ವನಿ ಎತ್ತದೆ ಪಂಚಮಸಾಲಿ ಪ್ರತಿಭಟನಾಕಾರರ ಮೇಲೆ ಲಾಠಿ ಚಾರ್ಜ್ ಮಾಡಿರುವ ಪ್ರಕರಣ ಪ್ರಜಾಪ್ರಭುತ್ವದ ಹತ್ಯೆ.

ಕಾಂಗ್ರೆಸ್ ನಲ್ಲಿರುವ ಲಿಂಗಾಯತ ಶಾಸಕರ ಲಿಂಗಾಯತ ಸಮಾಜದ ಜನರ ಮುಂದೆ ಬಂದು ನಿಂತ ತಕ್ಕ ಪಾಠ ಕಲಿಸುತ್ತಾರೆ. ಎಂದು ನವೀನ್ ಈ ಗುಳ್ಳಗಣ್ಣನವರ್ ಆಗ್ರಹಿಸಿದ್ದಾರೆ.

Edited, Printed, Published & Owned by MANJUNATH G.GONDBAL At Vishwa Offset Printers and Publishers, Taluka Panchayath Complex, Koppal-583231.
Karanataka Phone: 9483468333, 9448300070, email:badalavanedailykoppal@gmail.com
